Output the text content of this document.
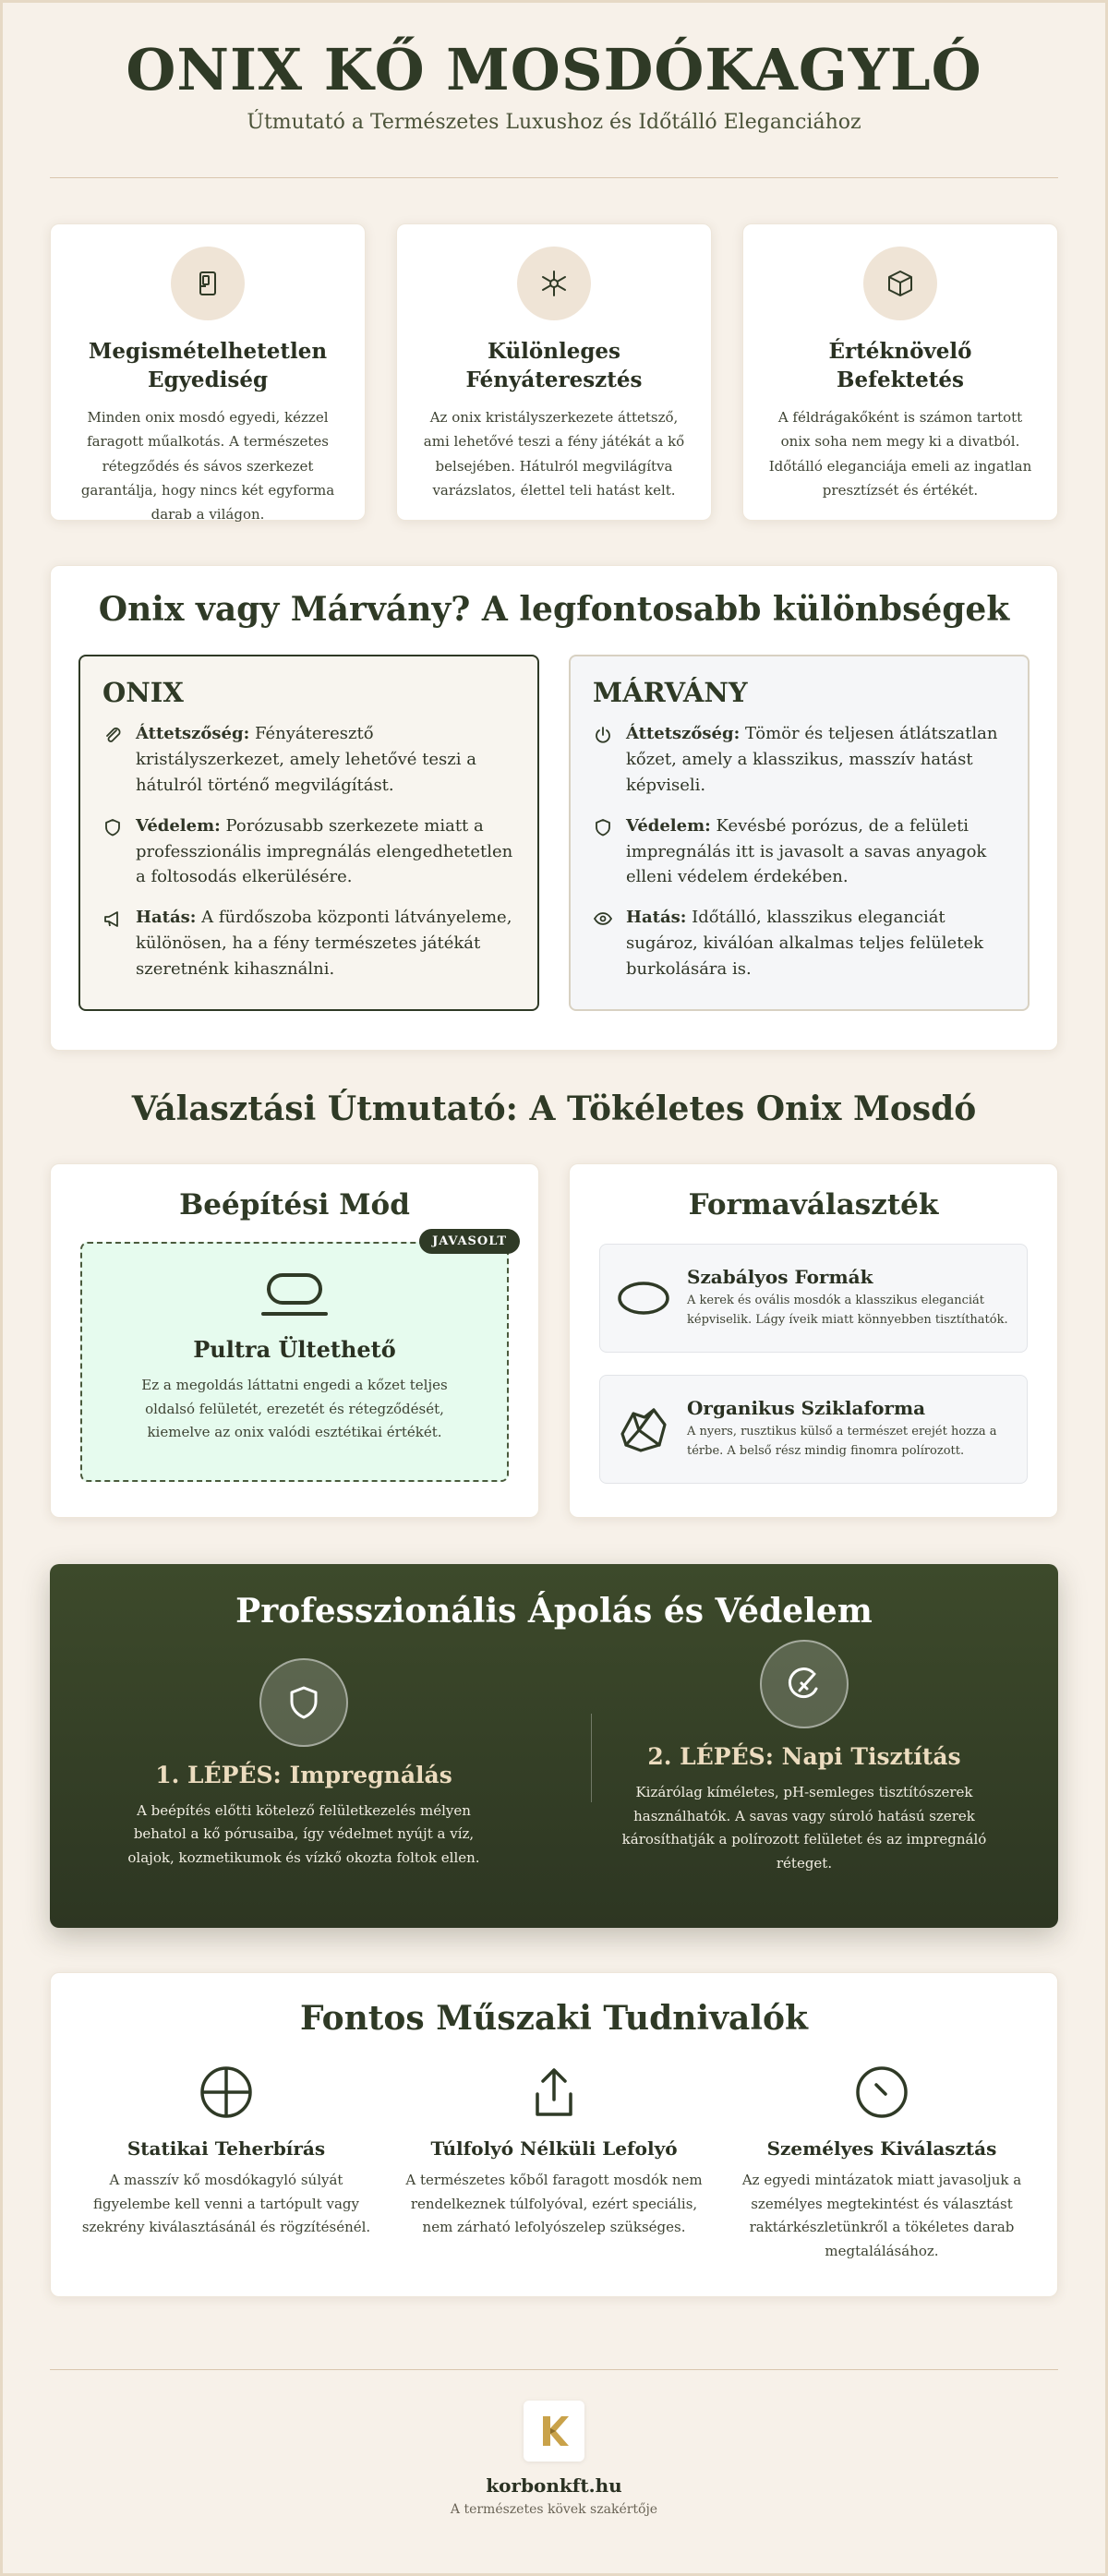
ONIX KŐ MOSDÓKAGYLÓ
Útmutató a Természetes Luxushoz és Időtálló Eleganciához
Megismételhetetlen Egyediség

Minden onix mosdó egyedi, kézzel faragott műalkotás. A természetes rétegződés és sávos szerkezet garantálja, hogy nincs két egyforma darab a világon.

Különleges Fényáteresztés

Az onix kristályszerkezete áttetsző, ami lehetővé teszi a fény játékát a kő belsejében. Hátulról megvilágítva varázslatos, élettel teli hatást kelt.

Értéknövelő Befektetés

A féldrágakőként is számon tartott onix soha nem megy ki a divatból. Időtálló eleganciája emeli az ingatlan presztízsét és értékét.

Onix vagy Márvány? A legfontosabb különbségek
ONIX

Áttetszőség: Fényáteresztő kristályszerkezet, amely lehetővé teszi a hátulról történő megvilágítást.

Védelem: Porózusabb szerkezete miatt a professzionális impregnálás elengedhetetlen a foltosodás elkerülésére.

Hatás: A fürdőszoba központi látványeleme, különösen, ha a fény természetes játékát szeretnénk kihasználni.

MÁRVÁNY

Áttetszőség: Tömör és teljesen átlátszatlan kőzet, amely a klasszikus, masszív hatást képviseli.

Védelem: Kevésbé porózus, de a felületi impregnálás itt is javasolt a savas anyagok elleni védelem érdekében.

Hatás: Időtálló, klasszikus eleganciát sugároz, kiválóan alkalmas teljes felületek burkolására is.

Választási Útmutató: A Tökéletes Onix Mosdó
Beépítési Mód
JAVASOLT
Pultra Ültethető

Ez a megoldás láttatni engedi a kőzet teljes oldalsó felületét, erezetét és rétegződését, kiemelve az onix valódi esztétikai értékét.

Formaválaszték
Szabályos Formák

A kerek és ovális mosdók a klasszikus eleganciát képviselik. Lágy íveik miatt könnyebben tisztíthatók.

Organikus Sziklaforma

A nyers, rusztikus külső a természet erejét hozza a térbe. A belső rész mindig finomra polírozott.

Professzionális Ápolás és Védelem
1. LÉPÉS: Impregnálás

A beépítés előtti kötelező felületkezelés mélyen behatol a kő pórusaiba, így védelmet nyújt a víz, olajok, kozmetikumok és vízkő okozta foltok ellen.

2. LÉPÉS: Napi Tisztítás

Kizárólag kíméletes, pH-semleges tisztítószerek használhatók. A savas vagy súroló hatású szerek károsíthatják a polírozott felületet és az impregnáló réteget.

Fontos Műszaki Tudnivalók
Statikai Teherbírás

A masszív kő mosdókagyló súlyát figyelembe kell venni a tartópult vagy szekrény kiválasztásánál és rögzítésénél.

Túlfolyó Nélküli Lefolyó

A természetes kőből faragott mosdók nem rendelkeznek túlfolyóval, ezért speciális, nem zárható lefolyószelep szükséges.

Személyes Kiválasztás

Az egyedi mintázatok miatt javasoljuk a személyes megtekintést és választást raktárkészletünkről a tökéletes darab megtalálásához.

korbonkft.hu
A természetes kövek szakértője
